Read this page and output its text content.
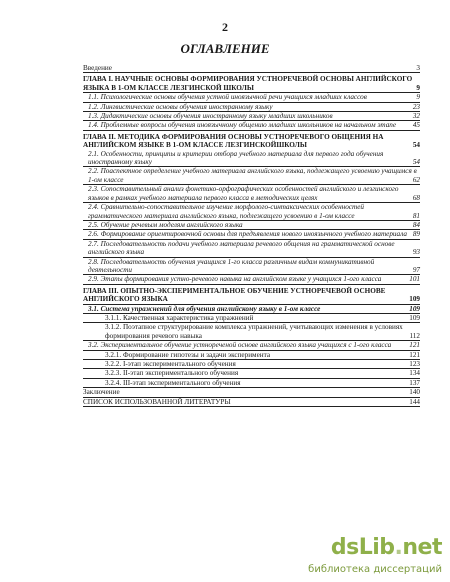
2
ОГЛАВЛЕНИЕ
Введение	3
ГЛАВА I. НАУЧНЫЕ ОСНОВЫ ФОРМИРОВАНИЯ УСТНОРЕЧЕВОЙ ОСНОВЫ АНГЛИЙСКОГО ЯЗЫКА В 1-ОМ КЛАССЕ ЛЕЗГИНСКОЙ ШКОЛЫ	9
1.1. Психологические основы обучения устной иноязычной речи учащихся младших классов	9
1.2. Лингвистические основы обучения иностранному языку	23
1.3. Дидактические основы обучения иностранному языку младших школьников	32
1.4. Проблемные вопросы обучения иноязычному общению младших школьников на начальном этапе	45
ГЛАВА II. МЕТОДИКА ФОРМИРОВАНИЯ ОСНОВЫ УСТНОРЕЧЕВОГО ОБЩЕНИЯ НА АНГЛИЙСКОМ ЯЗЫКЕ В 1-ОМ КЛАССЕ ЛЕЗГИНСКОЙШКОЛЫ	54
2.1. Особенности, принципы и критерии отбора учебного материала для первого года обучения иностранному языку	54
2.2. Поаспектное определение учебного материала английского языка, подлежащего усвоению учащимся в 1-ом классе	62
2.3. Сопоставительный анализ фонетико-орфографических особенностей английского и лезгинского языков в рамках учебного материала первого класса в методических целях	68
2.4. Сравнительно-сопоставительное изучение морфолого-синтаксических особенностей грамматического материала английского языка, подлежащего усвоению в 1-ом классе	81
2.5. Обучение речевым моделям английского языка	84
2.6. Формирование ориентировочной основы для предъявления нового иноязычного учебного материала 89
2.7. Последовательность подачи учебного материала речевого общения на грамматической основе английского языка	93
2.8. Последовательность обучения учащихся 1-го класса различным видам коммуникативной деятельности	97
2.9. Этапы формирования устно-речевого навыка на английском языке у учащихся 1-ого класса	101
ГЛАВА III. ОПЫТНО-ЭКСПЕРИМЕНТАЛЬНОЕ ОБУЧЕНИЕ УСТНОРЕЧЕВОЙ ОСНОВЕ АНГЛИЙСКОГО ЯЗЫКА	109
3.1. Система упражнений для обучения английскому языку в 1-ом классе	109
3.1.1. Качественная характеристика упражнений	109
3.1.2. Поэтапное структурирование комплекса упражнений, учитывающих изменения в условиях формирования речевого навыка	112
3.2. Экспериментальное обучение устнореченой основе английского языка учащихся с 1-ого класса	121
3.2.1. Формирование гипотезы и задачи эксперимента	121
3.2.2. I-этап экспериментального обучения	123
3.2.3. II-этап экспериментального обучения	134
3.2.4. III-этап экспериментального обучения	137
Заключение	140
СПИСОК ИСПОЛЬЗОВАННОЙ ЛИТЕРАТУРЫ	144
dsLib.net
библиотека диссертаций
